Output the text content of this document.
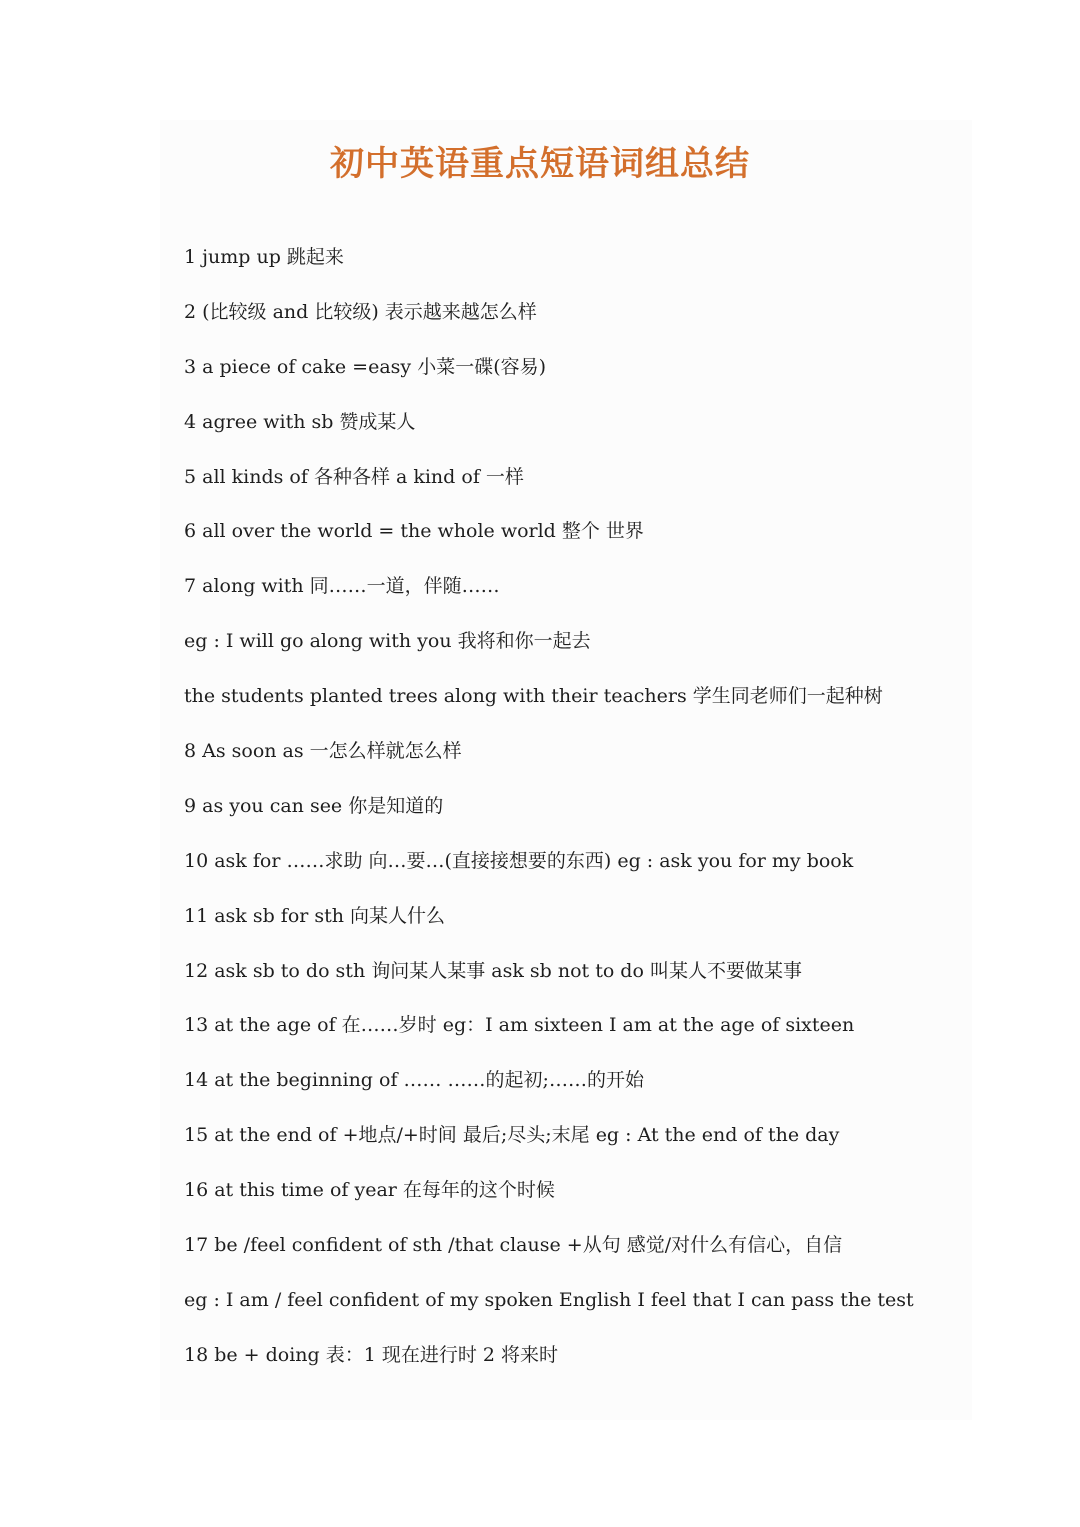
初中英语重点短语词组总结
1 jump up 跳起来
2 (比较级 and 比较级) 表示越来越怎么样
3 a piece of cake =easy 小菜一碟(容易)
4 agree with sb 赞成某人
5 all kinds of 各种各样 a kind of 一样
6 all over the world = the whole world 整个 世界
7 along with 同……一道，伴随……
eg : I will go along with you 我将和你一起去
the students planted trees along with their teachers 学生同老师们一起种树
8 As soon as 一怎么样就怎么样
9 as you can see 你是知道的
10 ask for ……求助 向…要…(直接接想要的东西) eg : ask you for my book
11 ask sb for sth 向某人什么
12 ask sb to do sth 询问某人某事 ask sb not to do 叫某人不要做某事
13 at the age of 在……岁时 eg：I am sixteen I am at the age of sixteen
14 at the beginning of …… ……的起初;……的开始
15 at the end of +地点/+时间 最后;尽头;末尾 eg : At the end of the day
16 at this time of year 在每年的这个时候
17 be /feel confident of sth /that clause +从句 感觉/对什么有信心，自信
eg : I am / feel confident of my spoken English I feel that I can pass the test
18 be + doing 表：1 现在进行时 2 将来时
